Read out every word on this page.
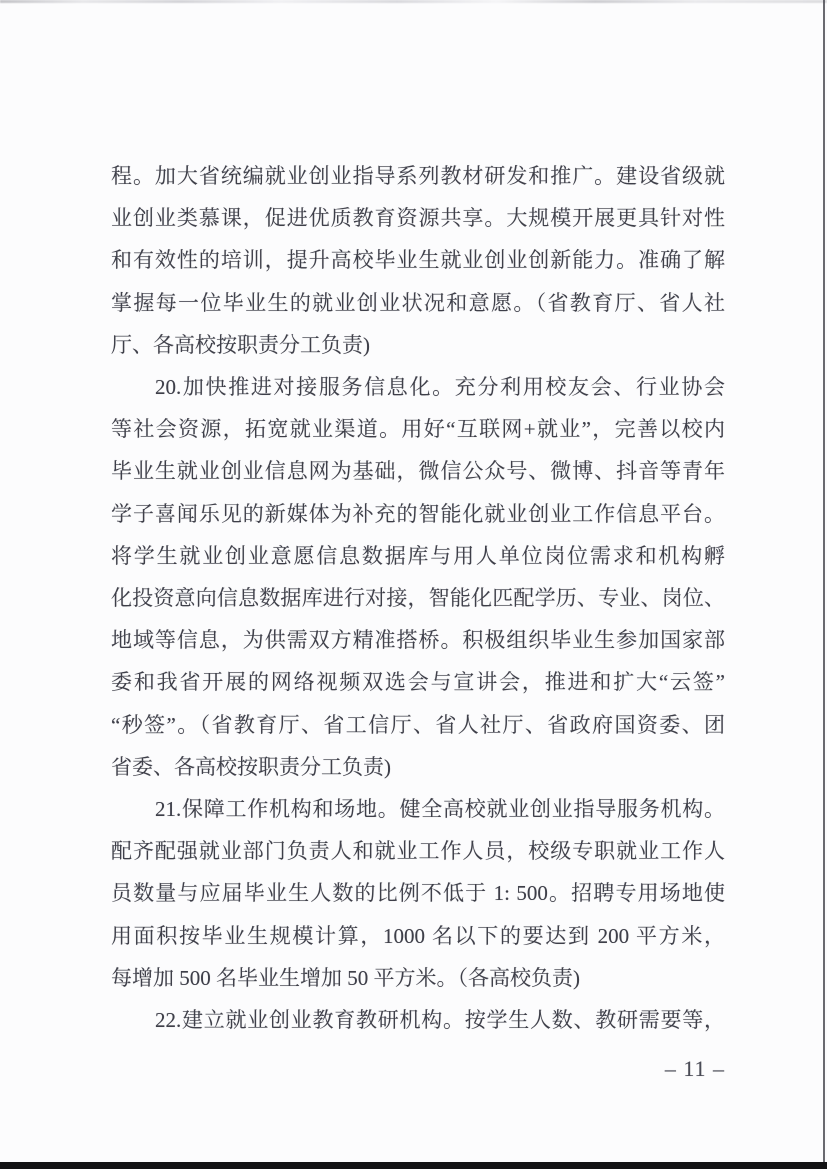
程。加大省统编就业创业指导系列教材研发和推广。建设省级就
业创业类慕课，促进优质教育资源共享。大规模开展更具针对性
和有效性的培训，提升高校毕业生就业创业创新能力。准确了解
掌握每一位毕业生的就业创业状况和意愿。（省教育厅、省人社
厅、各高校按职责分工负责)
20.加快推进对接服务信息化。充分利用校友会、行业协会
等社会资源，拓宽就业渠道。用好“互联网+就业”，完善以校内
毕业生就业创业信息网为基础，微信公众号、微博、抖音等青年
学子喜闻乐见的新媒体为补充的智能化就业创业工作信息平台。
将学生就业创业意愿信息数据库与用人单位岗位需求和机构孵
化投资意向信息数据库进行对接，智能化匹配学历、专业、岗位、
地域等信息，为供需双方精准搭桥。积极组织毕业生参加国家部
委和我省开展的网络视频双选会与宣讲会，推进和扩大“云签”
“秒签”。（省教育厅、省工信厅、省人社厅、省政府国资委、团
省委、各高校按职责分工负责)
21.保障工作机构和场地。健全高校就业创业指导服务机构。
配齐配强就业部门负责人和就业工作人员，校级专职就业工作人
员数量与应届毕业生人数的比例不低于 1: 500。招聘专用场地使
用面积按毕业生规模计算，1000 名以下的要达到 200 平方米，
每增加 500 名毕业生增加 50 平方米。（各高校负责)
22.建立就业创业教育教研机构。按学生人数、教研需要等，
– 11 –
